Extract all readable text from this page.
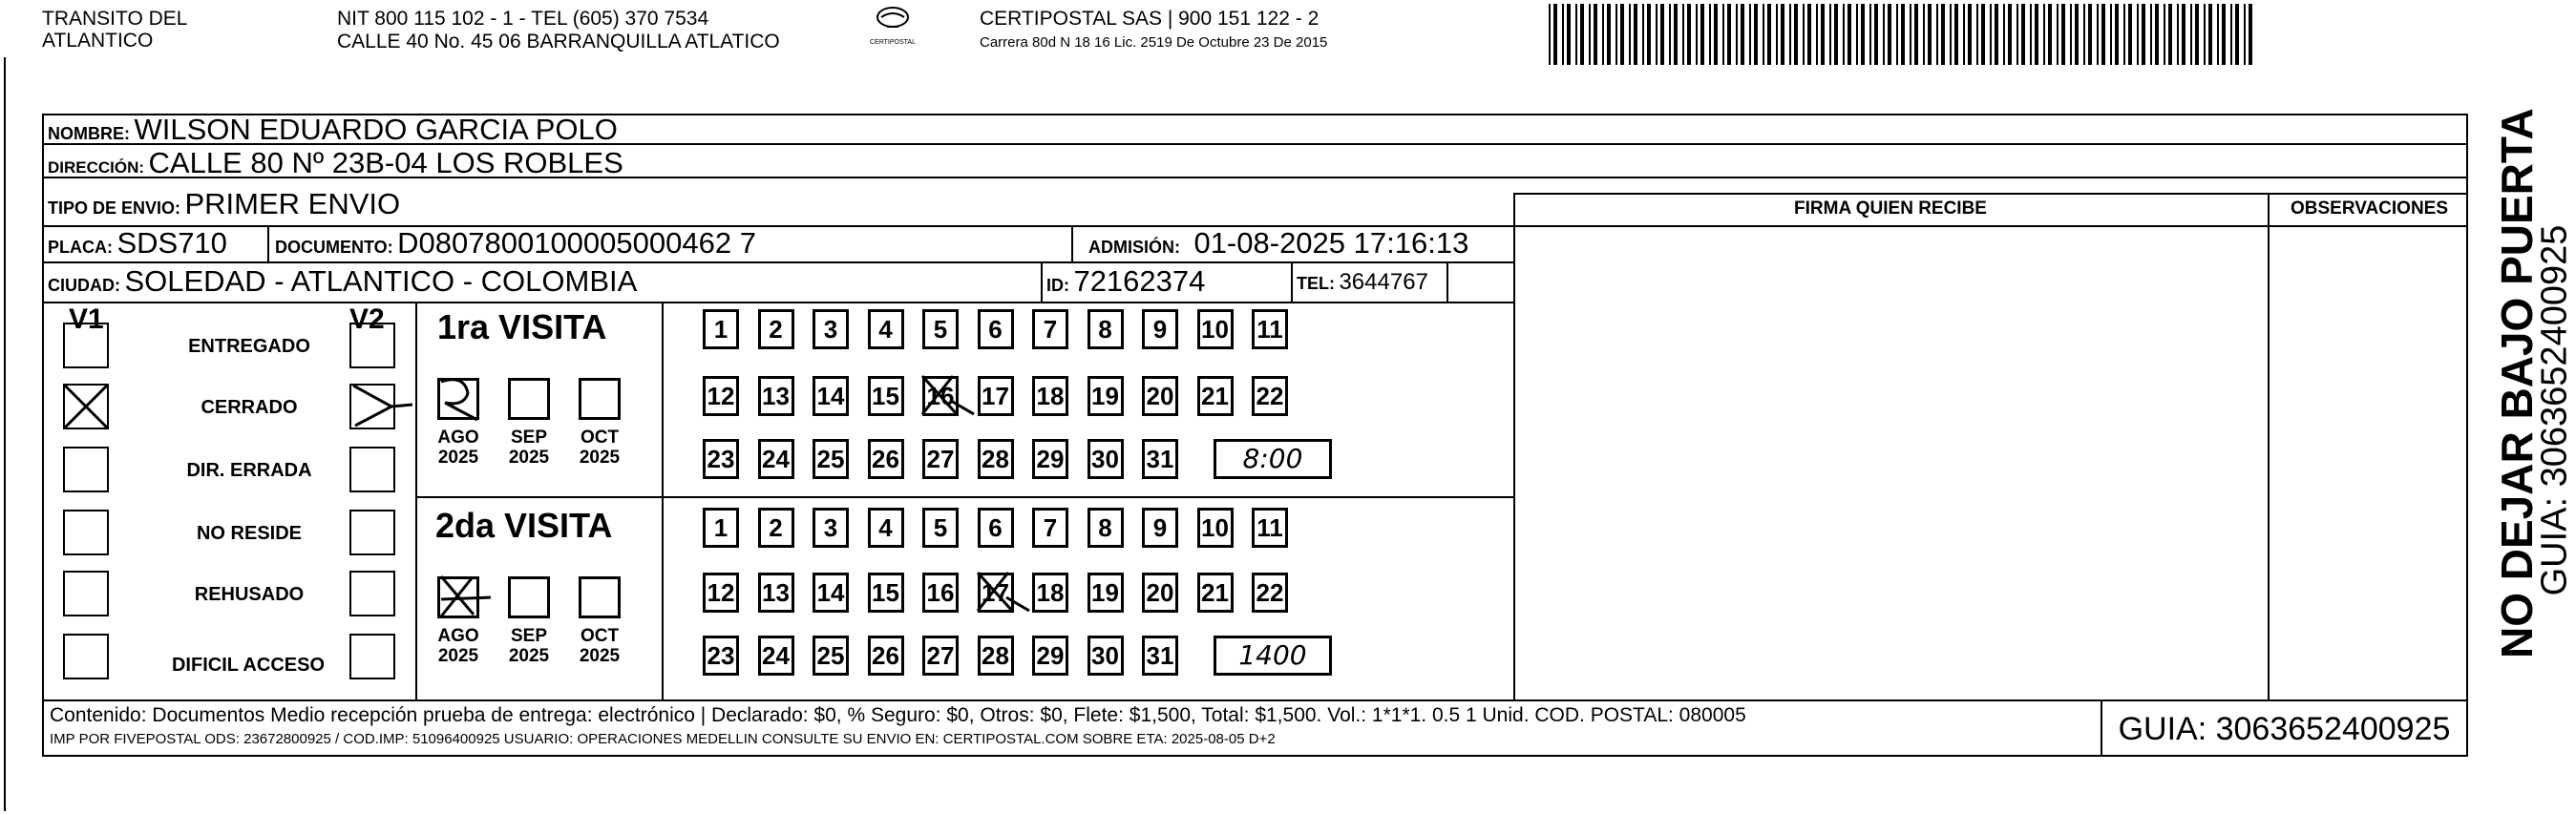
TRANSITO DEL ATLANTICO
NIT 800 115 102 - 1 - TEL (605) 370 7534
CALLE 40 No. 45 06 BARRANQUILLA ATLATICO	CERTIPOSTAL
CERTIPOSTAL SAS | 900 151 122 - 2
Carrera 80d N 18 16 Lic. 2519 De Octubre 23 De 2015
NOMBRE: WILSON EDUARDO GARCIA POLO
DIRECCIÓN: CALLE 80 Nº 23B-04 LOS ROBLES
TIPO DE ENVIO: PRIMER ENVIO	FIRMA QUIEN RECIBE	OBSERVACIONES
PLACA: SDS710	DOCUMENTO: D0807800100005000462 7	ADMISIÓN: 01-08-2025 17:16:13
CIUDAD: SOLEDAD - ATLANTICO - COLOMBIA	ID: 72162374	TEL: 3644767
V1	V2
ENTREGADO
CERRADO
DIR. ERRADA
NO RESIDE
REHUSADO
DIFICIL ACCESO
1ra VISITA
2da VISITA
AGO
2025
SEP
2025
OCT
2025
AGO
2025
SEP
2025
OCT
2025
1	2	3	4	5	6	7	8	9	10 11
12 13 14 15 16 17 18 19 20 21 22
23 24 25 26 27 28 29 30 31	8:00
1	2	3	4	5	6	7	8	9	10 11
12 13 14 15 16 17 18 19 20 21 22
23 24 25 26 27 28 29 30 31	1400
Contenido: Documentos Medio recepción prueba de entrega: electrónico | Declarado: $0, % Seguro: $0, Otros: $0, Flete: $1,500, Total: $1,500. Vol.: 1*1*1. 0.5 1 Unid. COD. POSTAL: 080005
IMP POR FIVEPOSTAL ODS: 23672800925 / COD.IMP: 51096400925 USUARIO: OPERACIONES MEDELLIN CONSULTE SU ENVIO EN: CERTIPOSTAL.COM SOBRE ETA: 2025-08-05 D+2	GUIA: 3063652400925
NO DEJAR BAJO PUERTA
GUIA: 3063652400925
